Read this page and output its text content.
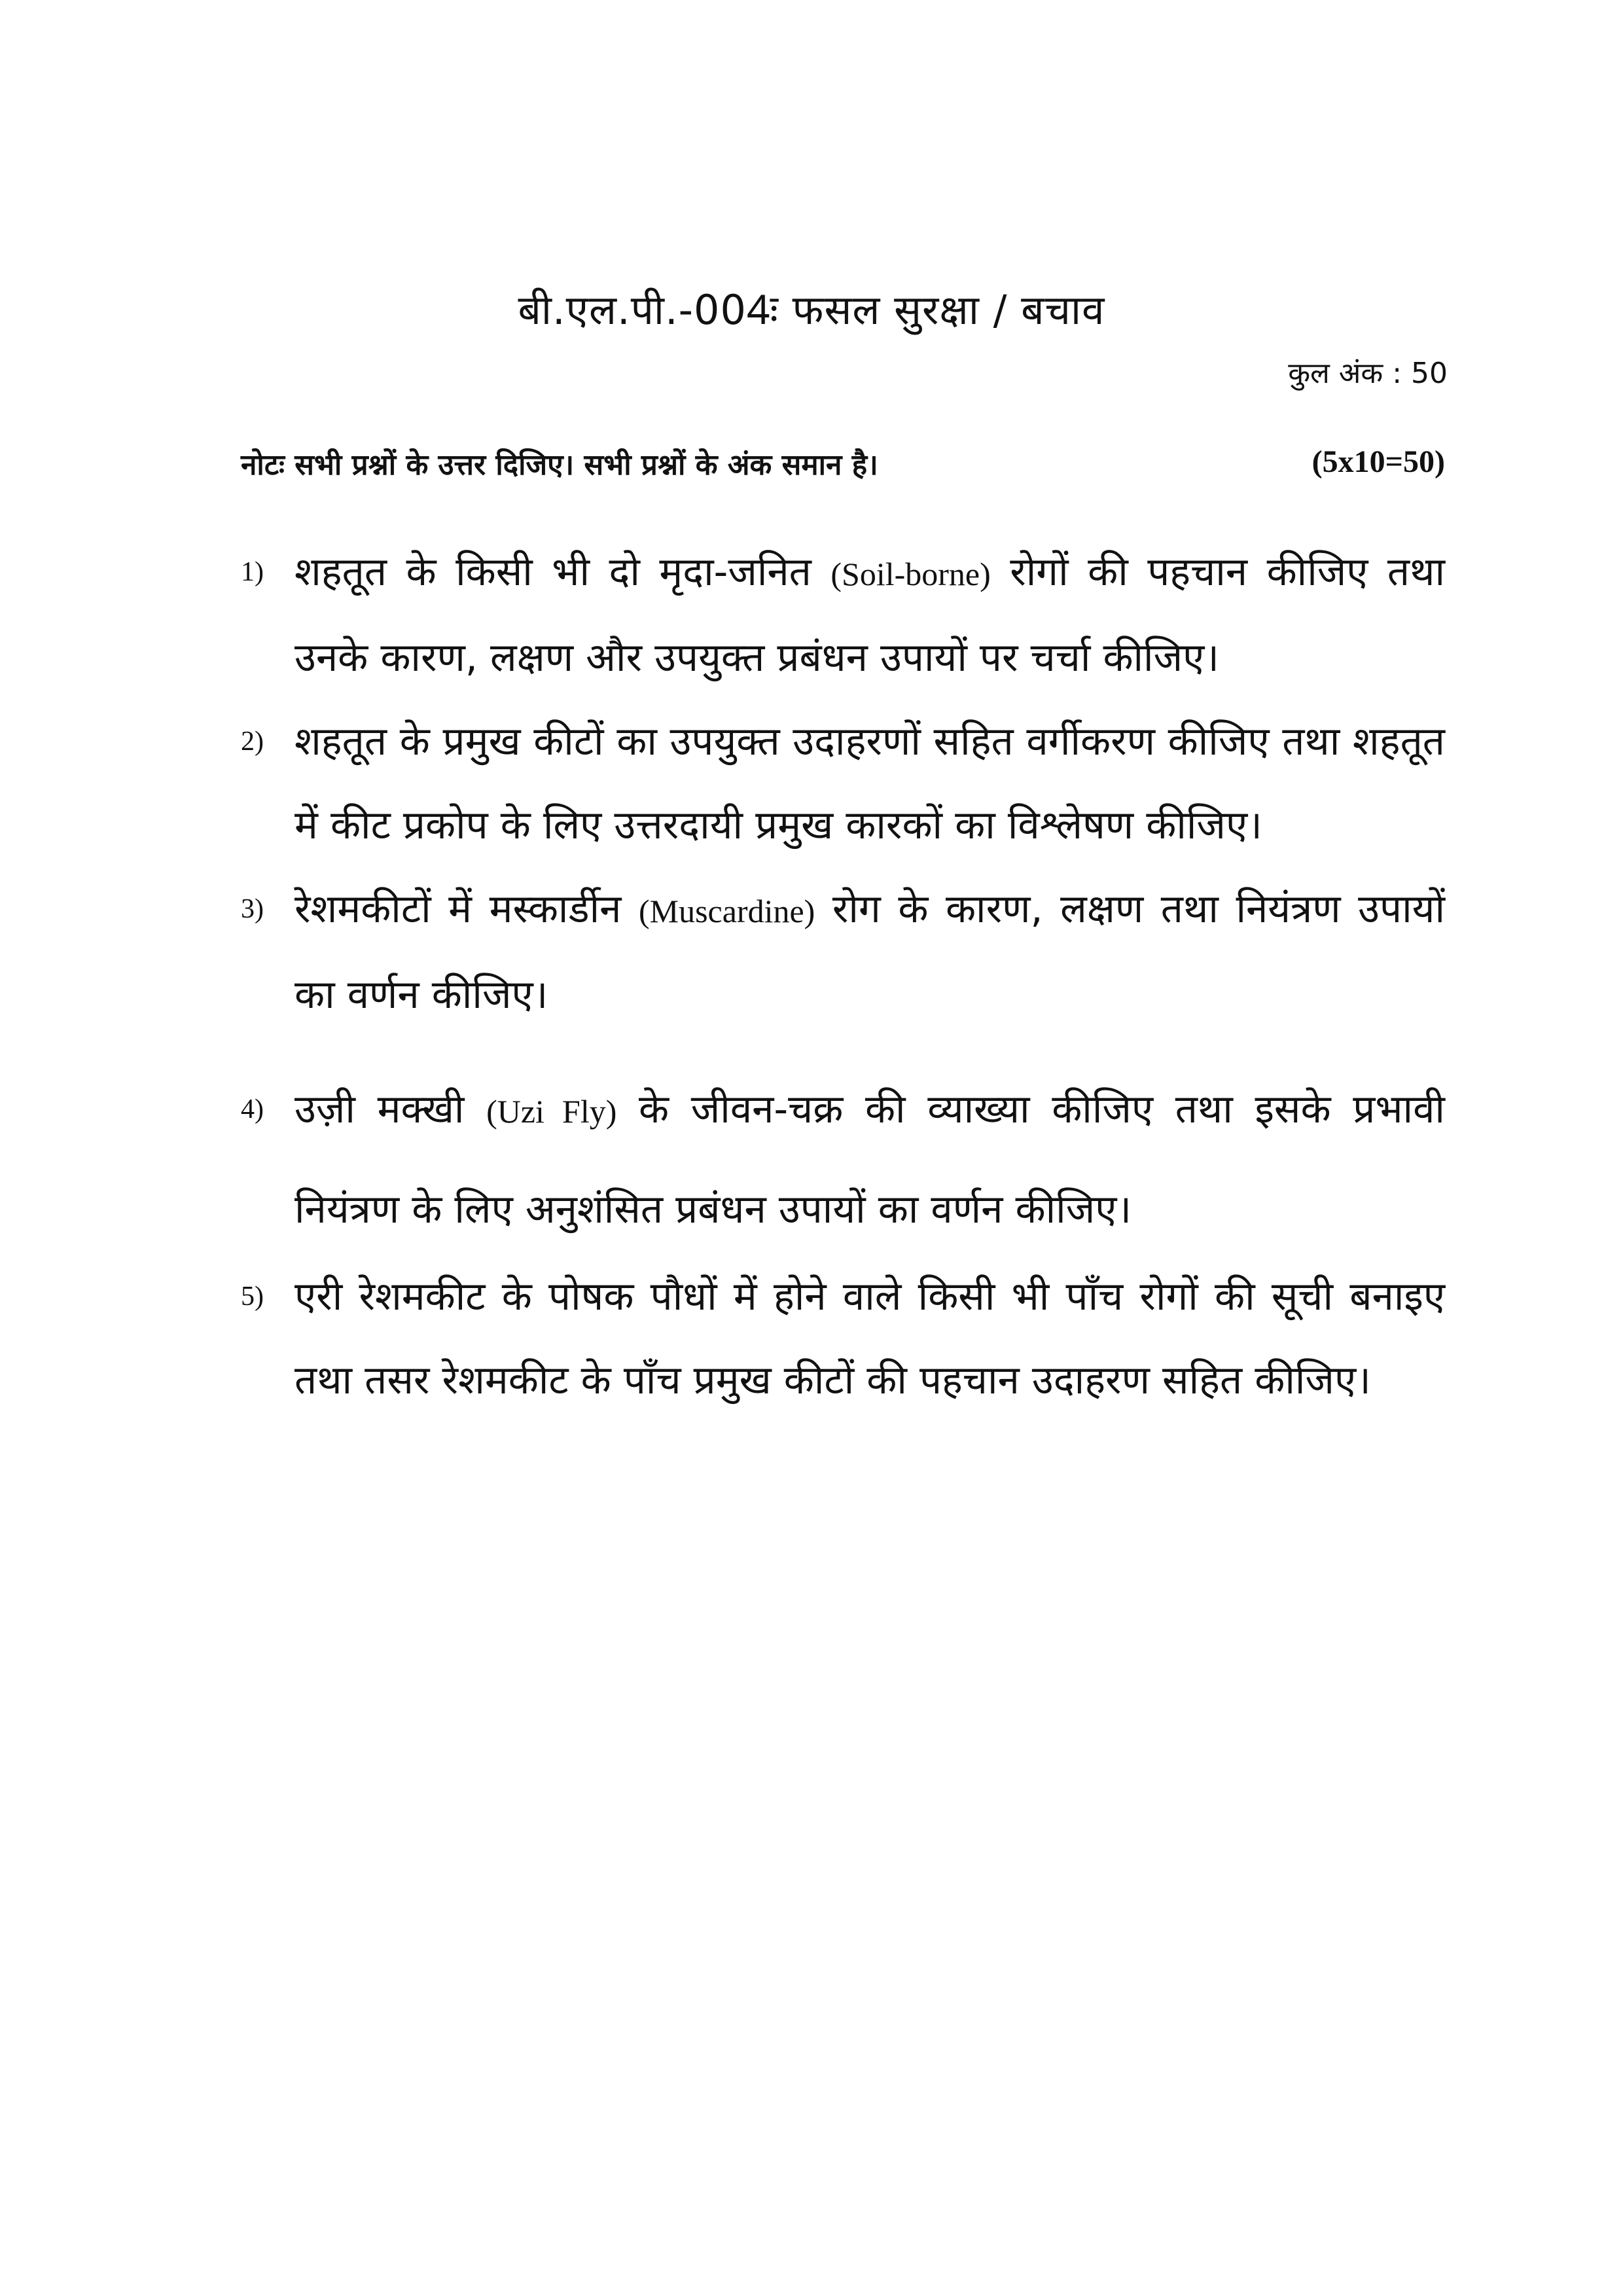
बी.एल.पी.-004ः फसल सुरक्षा / बचाव
कुल अंक : 50
नोटः सभी प्रश्नों के उत्तर दिजिए। सभी प्रश्नों के अंक समान है।	(5x10=50)
1) शहतूत के किसी भी दो मृदा-जनित (Soil-borne) रोगों की पहचान कीजिए तथा उनके कारण, लक्षण और उपयुक्त प्रबंधन उपायों पर चर्चा कीजिए।
2) शहतूत के प्रमुख कीटों का उपयुक्त उदाहरणों सहित वर्गीकरण कीजिए तथा शहतूत में कीट प्रकोप के लिए उत्तरदायी प्रमुख कारकों का विश्लेषण कीजिए।
3) रेशमकीटों में मस्कार्डीन (Muscardine) रोग के कारण, लक्षण तथा नियंत्रण उपायों का वर्णन कीजिए।
4) उज़ी मक्खी (Uzi Fly) के जीवन-चक्र की व्याख्या कीजिए तथा इसके प्रभावी नियंत्रण के लिए अनुशंसित प्रबंधन उपायों का वर्णन कीजिए।
5) एरी रेशमकीट के पोषक पौधों में होने वाले किसी भी पाँच रोगों की सूची बनाइए तथा तसर रेशमकीट के पाँच प्रमुख कीटों की पहचान उदाहरण सहित कीजिए।
